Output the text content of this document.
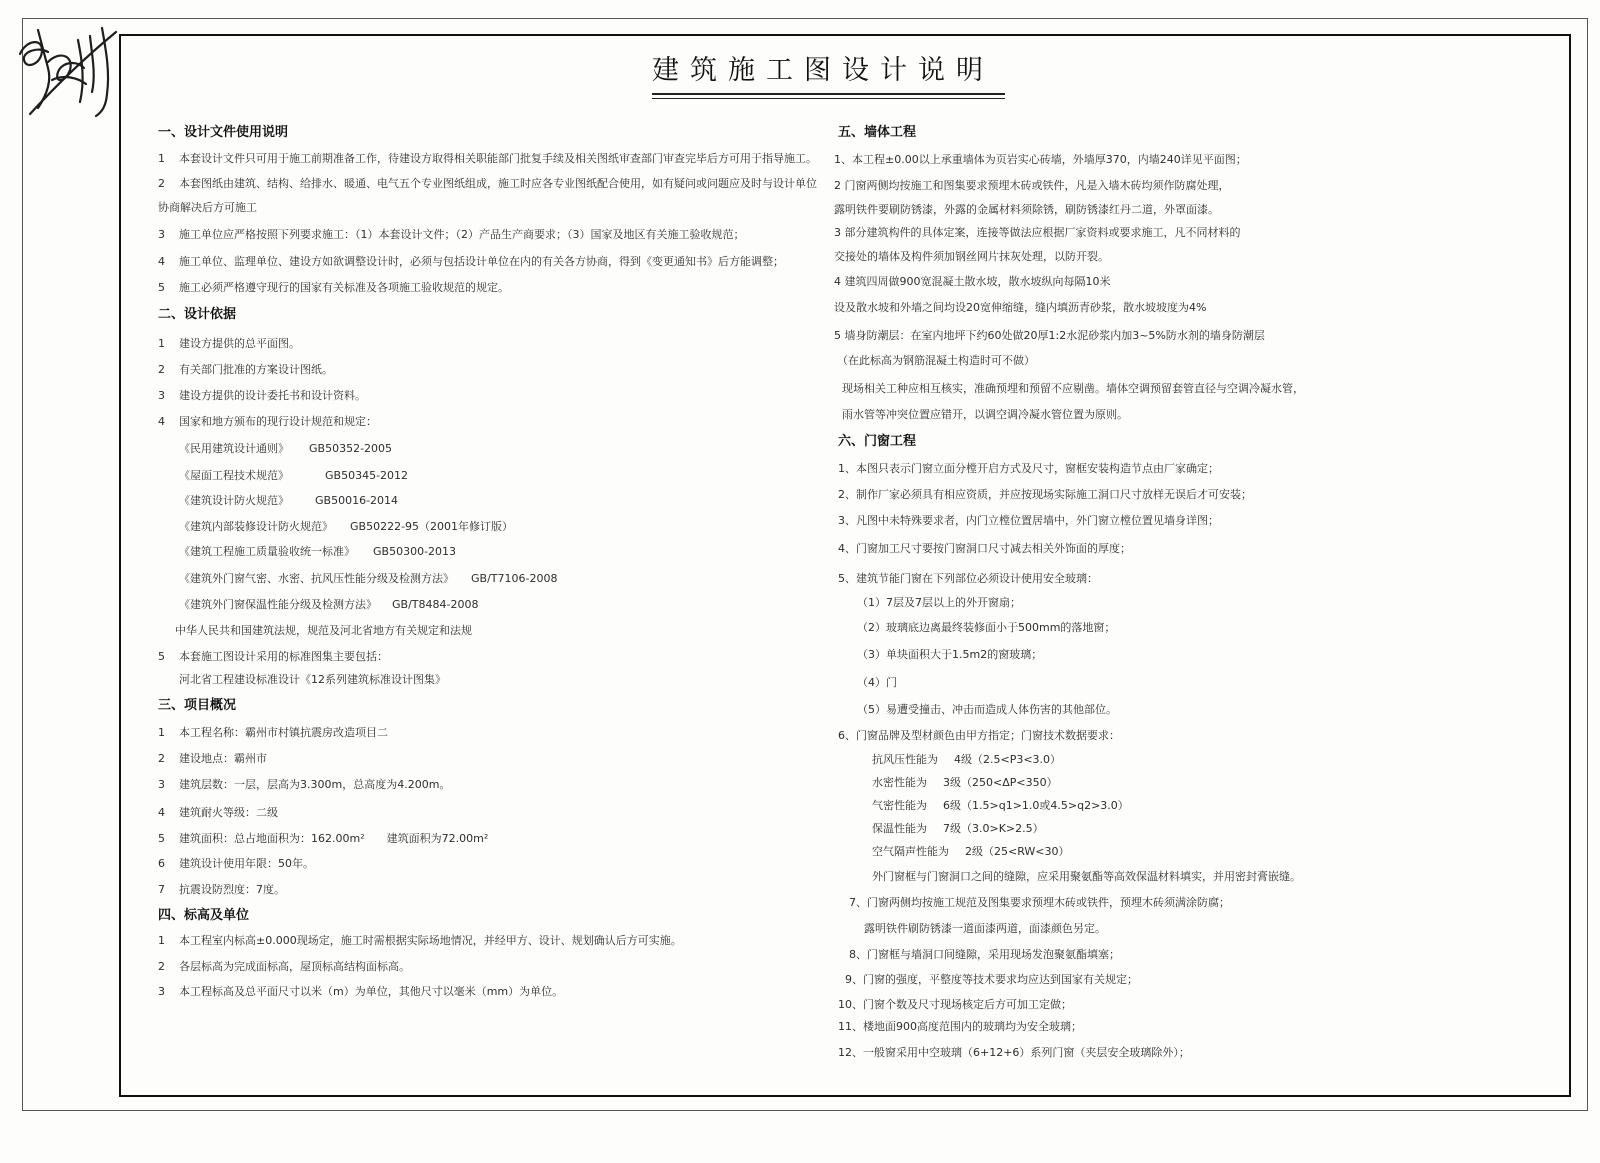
建筑施工图设计说明
一、设计文件使用说明
1 本套设计文件只可用于施工前期准备工作，待建设方取得相关职能部门批复手续及相关图纸审查部门审查完毕后方可用于指导施工。
2 本套图纸由建筑、结构、给排水、暖通、电气五个专业图纸组成，施工时应各专业图纸配合使用，如有疑问或问题应及时与设计单位
协商解决后方可施工
3 施工单位应严格按照下列要求施工：（1）本套设计文件；（2）产品生产商要求；（3）国家及地区有关施工验收规范；
4 施工单位、监理单位、建设方如欲调整设计时，必须与包括设计单位在内的有关各方协商，得到《变更通知书》后方能调整；
5 施工必须严格遵守现行的国家有关标准及各项施工验收规范的规定。
二、设计依据
1 建设方提供的总平面图。
2 有关部门批准的方案设计图纸。
3 建设方提供的设计委托书和设计资料。
4 国家和地方颁布的现行设计规范和规定：
《民用建筑设计通则》 GB50352-2005
《屋面工程技术规范》	GB50345-2012
《建筑设计防火规范》 GB50016-2014
《建筑内部装修设计防火规范》 GB50222-95（2001年修订版）
《建筑工程施工质量验收统一标准》 GB50300-2013
《建筑外门窗气密、水密、抗风压性能分级及检测方法》 GB/T7106-2008
《建筑外门窗保温性能分级及检测方法》 GB/T8484-2008
中华人民共和国建筑法规，规范及河北省地方有关规定和法规
5 本套施工图设计采用的标准图集主要包括：
河北省工程建设标准设计《12系列建筑标准设计图集》
三、项目概况
1 本工程名称：霸州市村镇抗震房改造项目二
2 建设地点：霸州市
3 建筑层数：一层，层高为3.300m，总高度为4.200m。
4 建筑耐火等级：二级
5 建筑面积：总占地面积为：162.00m² 建筑面积为72.00m²
6 建筑设计使用年限：50年。
7 抗震设防烈度：7度。
四、标高及单位
1 本工程室内标高±0.000现场定，施工时需根据实际场地情况，并经甲方、设计、规划确认后方可实施。
2 各层标高为完成面标高，屋顶标高结构面标高。
3 本工程标高及总平面尺寸以米（m）为单位，其他尺寸以毫米（mm）为单位。
五、墙体工程
1、本工程±0.00以上承重墙体为页岩实心砖墙，外墙厚370，内墙240详见平面图；
2 门窗两侧均按施工和图集要求预埋木砖或铁件，凡是入墙木砖均须作防腐处理，
露明铁件要刷防锈漆，外露的金属材料须除锈，刷防锈漆红丹二道，外罩面漆。
3 部分建筑构件的具体定案，连接等做法应根据厂家资料或要求施工，凡不同材料的
交接处的墙体及构件须加钢丝网片抹灰处理，以防开裂。
4 建筑四周做900宽混凝土散水坡，散水坡纵向每隔10米
设及散水坡和外墙之间均设20宽伸缩缝，缝内填沥青砂浆，散水坡坡度为4%
5 墙身防潮层：在室内地坪下约60处做20厚1:2水泥砂浆内加3~5%防水剂的墙身防潮层
（在此标高为钢筋混凝土构造时可不做）
现场相关工种应相互核实，准确预埋和预留不应剔凿。墙体空调预留套管直径与空调冷凝水管，
雨水管等冲突位置应错开，以调空调冷凝水管位置为原则。
六、门窗工程
1、本图只表示门窗立面分樘开启方式及尺寸，窗框安装构造节点由厂家确定；
2、制作厂家必须具有相应资质，并应按现场实际施工洞口尺寸放样无误后才可安装；
3、凡图中未特殊要求者，内门立樘位置居墙中，外门窗立樘位置见墙身详图；
4、门窗加工尺寸要按门窗洞口尺寸减去相关外饰面的厚度；
5、建筑节能门窗在下列部位必须设计使用安全玻璃：
（1）7层及7层以上的外开窗扇；
（2）玻璃底边离最终装修面小于500mm的落地窗；
（3）单块面积大于1.5m2的窗玻璃；
（4）门
（5）易遭受撞击、冲击而造成人体伤害的其他部位。
6、门窗品牌及型材颜色由甲方指定；门窗技术数据要求：
抗风压性能为 4级（2.5<P3<3.0）
水密性能为 3级（250<ΔP<350）
气密性能为 6级（1.5>q1>1.0或4.5>q2>3.0）
保温性能为 7级（3.0>K>2.5）
空气隔声性能为 2级（25<RW<30）
外门窗框与门窗洞口之间的缝隙，应采用聚氨酯等高效保温材料填实，并用密封膏嵌缝。
7、门窗两侧均按施工规范及图集要求预埋木砖或铁件，预埋木砖须满涂防腐；
露明铁件刷防锈漆一道面漆两道，面漆颜色另定。
8、门窗框与墙洞口间缝隙，采用现场发泡聚氨酯填塞；
9、门窗的强度，平整度等技术要求均应达到国家有关规定；
10、门窗个数及尺寸现场核定后方可加工定做；
11、楼地面900高度范围内的玻璃均为安全玻璃；
12、一般窗采用中空玻璃（6+12+6）系列门窗（夹层安全玻璃除外）；
